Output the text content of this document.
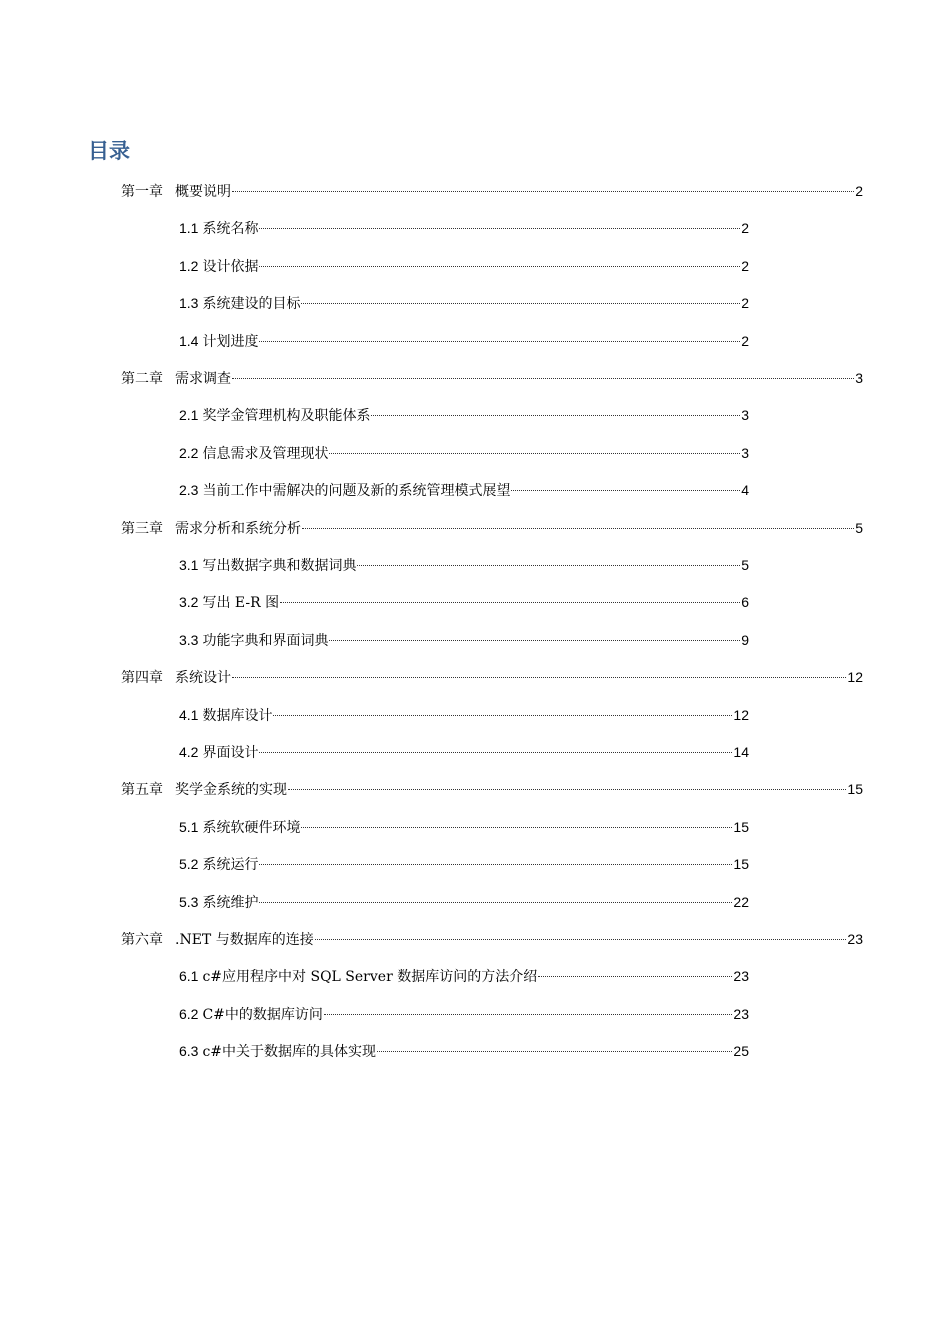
目录
第一章 概要说明	2
1.1 系统名称	2
1.2 设计依据	2
1.3 系统建设的目标	2
1.4 计划进度	2
第二章 需求调查	3
2.1 奖学金管理机构及职能体系	3
2.2 信息需求及管理现状	3
2.3 当前工作中需解决的问题及新的系统管理模式展望	4
第三章 需求分析和系统分析	5
3.1 写出数据字典和数据词典	5
3.2 写出 E-R 图	6
3.3 功能字典和界面词典	9
第四章 系统设计	12
4.1 数据库设计	12
4.2 界面设计	14
第五章 奖学金系统的实现	15
5.1 系统软硬件环境	15
5.2 系统运行	15
5.3 系统维护	22
第六章 .NET 与数据库的连接	23
6.1 c#应用程序中对 SQL Server 数据库访问的方法介绍	23
6.2 C#中的数据库访问	23
6.3 c#中关于数据库的具体实现	25
